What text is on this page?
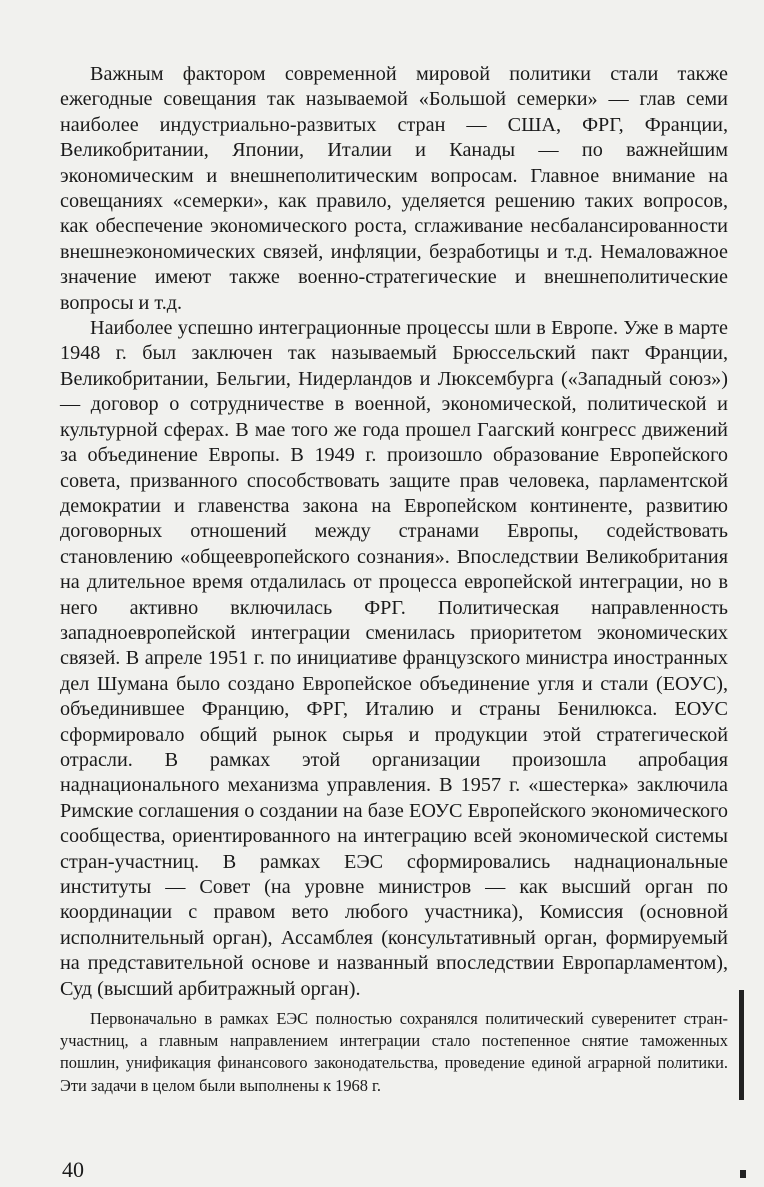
Важным фактором современной мировой политики стали также ежегодные совещания так называемой «Большой семерки» — глав семи наиболее индустриально-развитых стран — США, ФРГ, Франции, Великобритании, Японии, Италии и Канады — по важнейшим экономическим и внешнеполитическим вопросам. Главное внимание на совещаниях «семерки», как правило, уделяется решению таких вопросов, как обеспечение экономического роста, сглаживание несбалансированности внешнеэкономических связей, инфляции, безработицы и т.д. Немаловажное значение имеют также военно-стратегические и внешнеполитические вопросы и т.д.

Наиболее успешно интеграционные процессы шли в Европе. Уже в марте 1948 г. был заключен так называемый Брюссельский пакт Франции, Великобритании, Бельгии, Нидерландов и Люксембурга («Западный союз») — договор о сотрудничестве в военной, экономической, политической и культурной сферах. В мае того же года прошел Гаагский конгресс движений за объединение Европы. В 1949 г. произошло образование Европейского совета, призванного способствовать защите прав человека, парламентской демократии и главенства закона на Европейском континенте, развитию договорных отношений между странами Европы, содействовать становлению «общеевропейского сознания». Впоследствии Великобритания на длительное время отдалилась от процесса европейской интеграции, но в него активно включилась ФРГ. Политическая направленность западноевропейской интеграции сменилась приоритетом экономических связей. В апреле 1951 г. по инициативе французского министра иностранных дел Шумана было создано Европейское объединение угля и стали (ЕОУС), объединившее Францию, ФРГ, Италию и страны Бенилюкса. ЕОУС сформировало общий рынок сырья и продукции этой стратегической отрасли. В рамках этой организации произошла апробация наднационального механизма управления. В 1957 г. «шестерка» заключила Римские соглашения о создании на базе ЕОУС Европейского экономического сообщества, ориентированного на интеграцию всей экономической системы стран-участниц. В рамках ЕЭС сформировались наднациональные институты — Совет (на уровне министров — как высший орган по координации с правом вето любого участника), Комиссия (основной исполнительный орган), Ассамблея (консультативный орган, формируемый на представительной основе и названный впоследствии Европарламентом), Суд (высший арбитражный орган).

Первоначально в рамках ЕЭС полностью сохранялся политический суверенитет стран-участниц, а главным направлением интеграции стало постепенное снятие таможенных пошлин, унификация финансового законодательства, проведение единой аграрной политики. Эти задачи в целом были выполнены к 1968 г.

40
